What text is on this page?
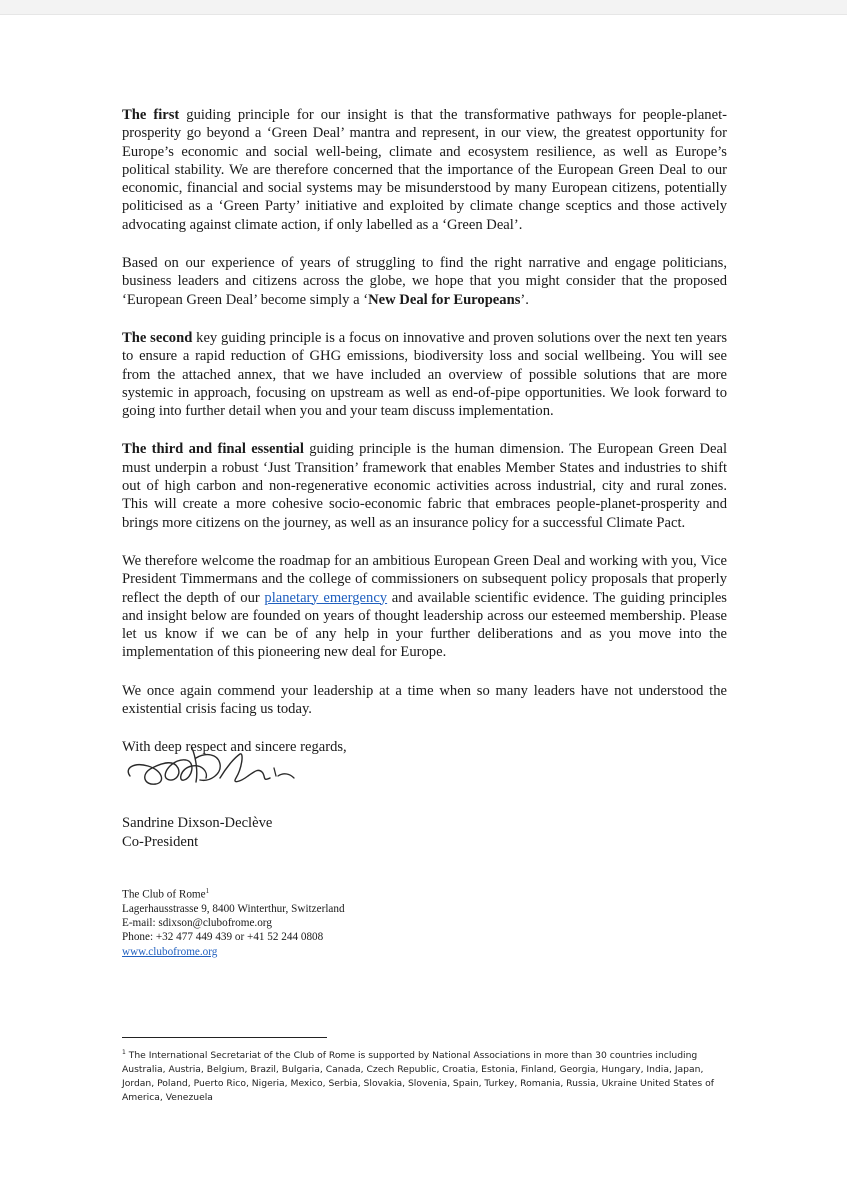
The first guiding principle for our insight is that the transformative pathways for people-planet-prosperity go beyond a ‘Green Deal’ mantra and represent, in our view, the greatest opportunity for Europe’s economic and social well-being, climate and ecosystem resilience, as well as Europe’s political stability. We are therefore concerned that the importance of the European Green Deal to our economic, financial and social systems may be misunderstood by many European citizens, potentially politicised as a ‘Green Party’ initiative and exploited by climate change sceptics and those actively advocating against climate action, if only labelled as a ‘Green Deal’.

Based on our experience of years of struggling to find the right narrative and engage politicians, business leaders and citizens across the globe, we hope that you might consider that the proposed ‘European Green Deal’ become simply a ‘New Deal for Europeans’.

The second key guiding principle is a focus on innovative and proven solutions over the next ten years to ensure a rapid reduction of GHG emissions, biodiversity loss and social wellbeing. You will see from the attached annex, that we have included an overview of possible solutions that are more systemic in approach, focusing on upstream as well as end-of-pipe opportunities. We look forward to going into further detail when you and your team discuss implementation.

The third and final essential guiding principle is the human dimension. The European Green Deal must underpin a robust ‘Just Transition’ framework that enables Member States and industries to shift out of high carbon and non-regenerative economic activities across industrial, city and rural zones. This will create a more cohesive socio-economic fabric that embraces people-planet-prosperity and brings more citizens on the journey, as well as an insurance policy for a successful Climate Pact.

We therefore welcome the roadmap for an ambitious European Green Deal and working with you, Vice President Timmermans and the college of commissioners on subsequent policy proposals that properly reflect the depth of our planetary emergency and available scientific evidence. The guiding principles and insight below are founded on years of thought leadership across our esteemed membership. Please let us know if we can be of any help in your further deliberations and as you move into the implementation of this pioneering new deal for Europe.

We once again commend your leadership at a time when so many leaders have not understood the existential crisis facing us today.

With deep respect and sincere regards,

Sandrine Dixson-Declève
Co-President
The Club of Rome$^1$
Lagerhausstrasse 9, 8400 Winterthur, Switzerland
E-mail: sdixson@clubofrome.org
Phone: +32 477 449 439 or +41 52 244 0808
www.clubofrome.org
$^1$ The International Secretariat of the Club of Rome is supported by National Associations in more than 30 countries including Australia, Austria, Belgium, Brazil, Bulgaria, Canada, Czech Republic, Croatia, Estonia, Finland, Georgia, Hungary, India, Japan, Jordan, Poland, Puerto Rico, Nigeria, Mexico, Serbia, Slovakia, Slovenia, Spain, Turkey, Romania, Russia, Ukraine United States of America, Venezuela
